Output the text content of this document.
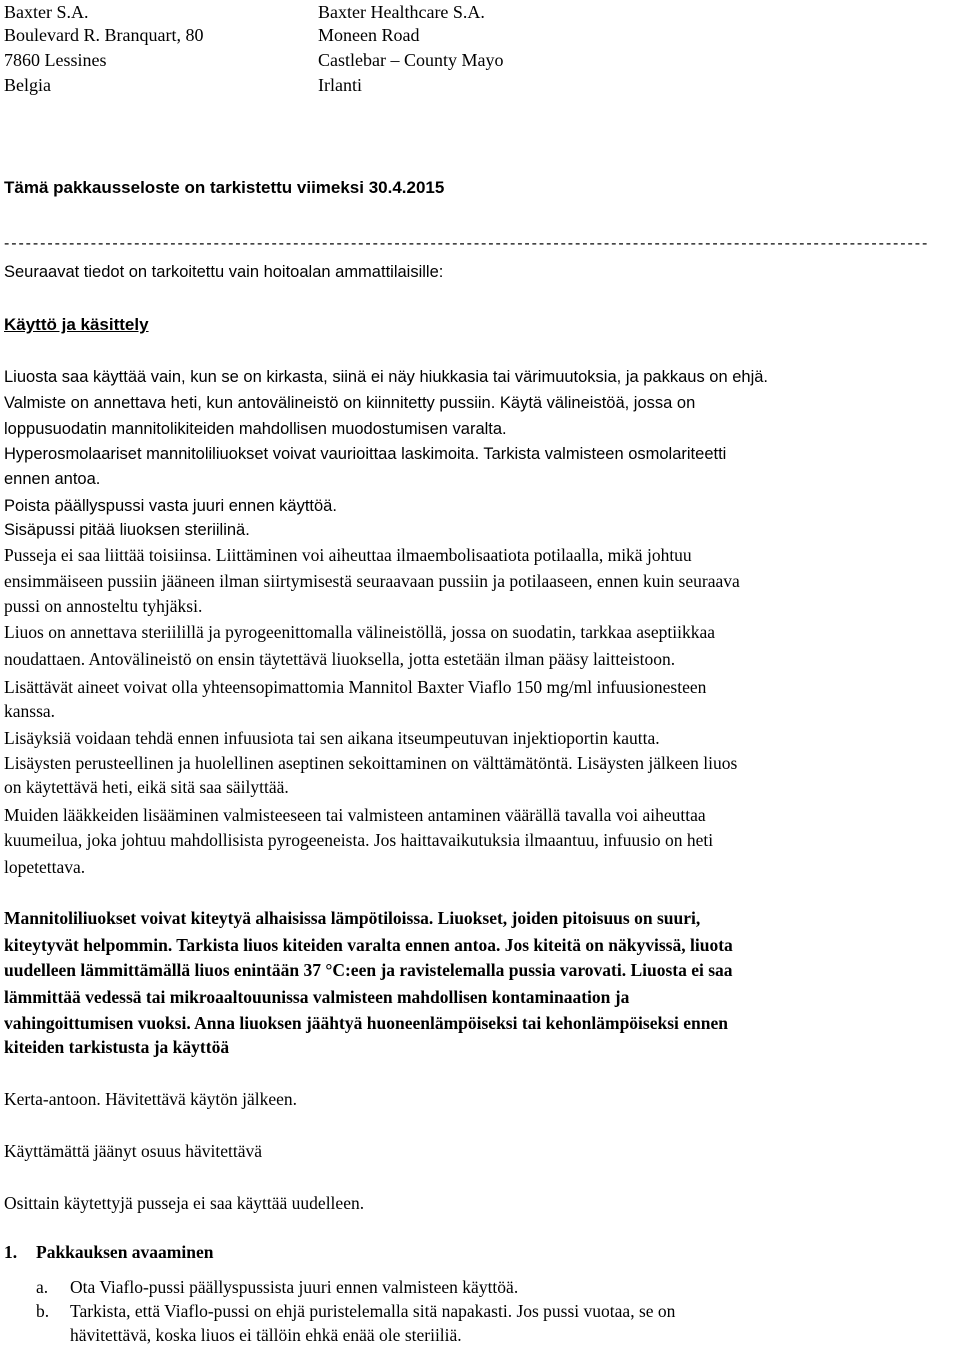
Baxter S.A.
Boulevard R. Branquart, 80
7860 Lessines
Belgia
Baxter Healthcare S.A.
Moneen Road
Castlebar – County Mayo
Irlanti
Tämä pakkausseloste on tarkistettu viimeksi 30.4.2015
--------------------------------------------------------------------------------------------------------------------------------
Seuraavat tiedot on tarkoitettu vain hoitoalan ammattilaisille:
Käyttö ja käsittely
Liuosta saa käyttää vain, kun se on kirkasta, siinä ei näy hiukkasia tai värimuutoksia, ja pakkaus on ehjä.
Valmiste on annettava heti, kun antovälineistö on kiinnitetty pussiin. Käytä välineistöä, jossa on
loppusuodatin mannitolikiteiden mahdollisen muodostumisen varalta.
Hyperosmolaariset mannitoliliuokset voivat vaurioittaa laskimoita. Tarkista valmisteen osmolariteetti
ennen antoa.
Poista päällyspussi vasta juuri ennen käyttöä.
Sisäpussi pitää liuoksen steriilinä.
Pusseja ei saa liittää toisiinsa. Liittäminen voi aiheuttaa ilmaembolisaatiota potilaalla, mikä johtuu
ensimmäiseen pussiin jääneen ilman siirtymisestä seuraavaan pussiin ja potilaaseen, ennen kuin seuraava
pussi on annosteltu tyhjäksi.
Liuos on annettava steriilillä ja pyrogeenittomalla välineistöllä, jossa on suodatin, tarkkaa aseptiikkaa
noudattaen. Antovälineistö on ensin täytettävä liuoksella, jotta estetään ilman pääsy laitteistoon.
Lisättävät aineet voivat olla yhteensopimattomia Mannitol Baxter Viaflo 150 mg/ml infuusionesteen
kanssa.
Lisäyksiä voidaan tehdä ennen infuusiota tai sen aikana itseumpeutuvan injektioportin kautta.
Lisäysten perusteellinen ja huolellinen aseptinen sekoittaminen on välttämätöntä. Lisäysten jälkeen liuos
on käytettävä heti, eikä sitä saa säilyttää.
Muiden lääkkeiden lisääminen valmisteeseen tai valmisteen antaminen väärällä tavalla voi aiheuttaa
kuumeilua, joka johtuu mahdollisista pyrogeeneista. Jos haittavaikutuksia ilmaantuu, infuusio on heti
lopetettava.
Mannitoliliuokset voivat kiteytyä alhaisissa lämpötiloissa. Liuokset, joiden pitoisuus on suuri,
kiteytyvät helpommin. Tarkista liuos kiteiden varalta ennen antoa. Jos kiteitä on näkyvissä, liuota
uudelleen lämmittämällä liuos enintään 37 °C:een ja ravistelemalla pussia varovati. Liuosta ei saa
lämmittää vedessä tai mikroaaltouunissa valmisteen mahdollisen kontaminaation ja
vahingoittumisen vuoksi. Anna liuoksen jäähtyä huoneenlämpöiseksi tai kehonlämpöiseksi ennen
kiteiden tarkistusta ja käyttöä
Kerta-antoon. Hävitettävä käytön jälkeen.
Käyttämättä jäänyt osuus hävitettävä
Osittain käytettyjä pusseja ei saa käyttää uudelleen.
1. Pakkauksen avaaminen
a. Ota Viaflo-pussi päällyspussista juuri ennen valmisteen käyttöä.
b. Tarkista, että Viaflo-pussi on ehjä puristelemalla sitä napakasti. Jos pussi vuotaa, se on
hävitettävä, koska liuos ei tällöin ehkä enää ole steriiliä.
